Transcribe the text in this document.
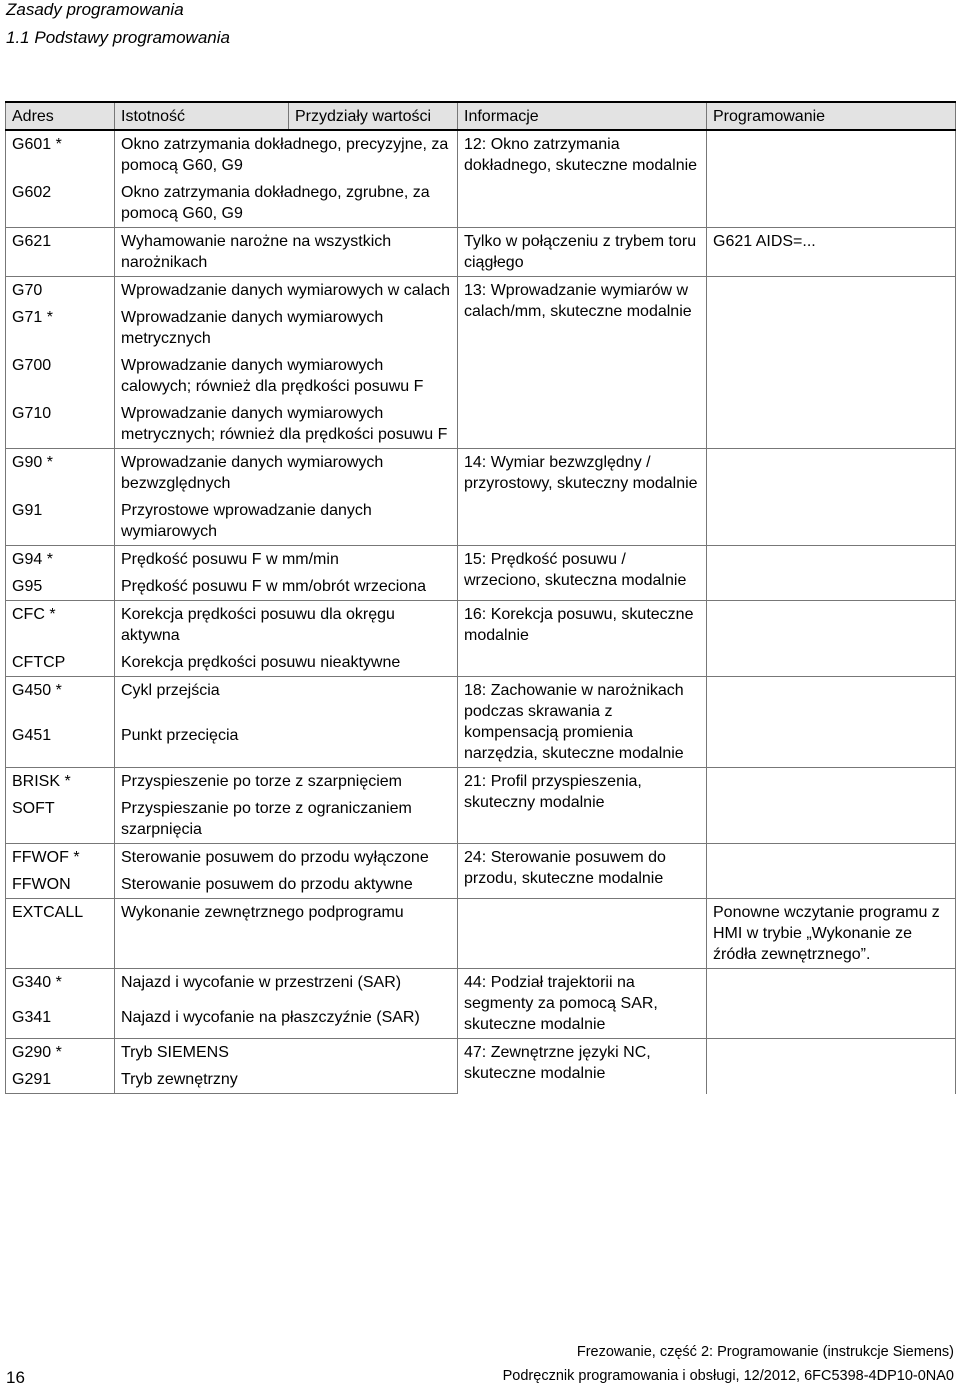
Zasady programowania
1.1 Podstawy programowania
Adres	Istotność	Przydziały wartości	Informacje	Programowanie
G601 *	Okno zatrzymania dokładnego, precyzyjne, za pomocą G60, G9		12: Okno zatrzymania dokładnego, skuteczne modalnie	
G602	Okno zatrzymania dokładnego, zgrubne, za pomocą G60, G9			
G621	Wyhamowanie narożne na wszystkich narożnikach		Tylko w połączeniu z trybem toru ciągłego	G621 AIDS=...
G70	Wprowadzanie danych wymiarowych w calach		13: Wprowadzanie wymiarów w calach/mm, skuteczne modalnie	
G71 *	Wprowadzanie danych wymiarowych metrycznych			
G700	Wprowadzanie danych wymiarowych calowych; również dla prędkości posuwu F			
G710	Wprowadzanie danych wymiarowych metrycznych; również dla prędkości posuwu F			
G90 *	Wprowadzanie danych wymiarowych bezwzględnych		14: Wymiar bezwzględny / przyrostowy, skuteczny modalnie	
G91	Przyrostowe wprowadzanie danych wymiarowych			
G94 *	Prędkość posuwu F w mm/min		15: Prędkość posuwu / wrzeciono, skuteczna modalnie	
G95	Prędkość posuwu F w mm/obrót wrzeciona			
CFC *	Korekcja prędkości posuwu dla okręgu aktywna		16: Korekcja posuwu, skuteczne modalnie	
CFTCP	Korekcja prędkości posuwu nieaktywne			
G450 *	Cykl przejścia		18: Zachowanie w narożnikach podczas skrawania z kompensacją promienia narzędzia, skuteczne modalnie	
G451	Punkt przecięcia			
BRISK *	Przyspieszenie po torze z szarpnięciem		21: Profil przyspieszenia, skuteczny modalnie	
SOFT	Przyspieszanie po torze z ograniczaniem szarpnięcia			
FFWOF *	Sterowanie posuwem do przodu wyłączone		24: Sterowanie posuwem do przodu, skuteczne modalnie	
FFWON	Sterowanie posuwem do przodu aktywne			
EXTCALL	Wykonanie zewnętrznego podprogramu			Ponowne wczytanie programu z HMI w trybie „Wykonanie ze źródła zewnętrznego”.
G340 *	Najazd i wycofanie w przestrzeni (SAR)		44: Podział trajektorii na segmenty za pomocą SAR, skuteczne modalnie	
G341	Najazd i wycofanie na płaszczyźnie (SAR)			
G290 *	Tryb SIEMENS		47: Zewnętrzne języki NC, skuteczne modalnie	
G291	Tryb zewnętrzny			
16
Frezowanie, część 2: Programowanie (instrukcje Siemens)
Podręcznik programowania i obsługi, 12/2012, 6FC5398-4DP10-0NA0
